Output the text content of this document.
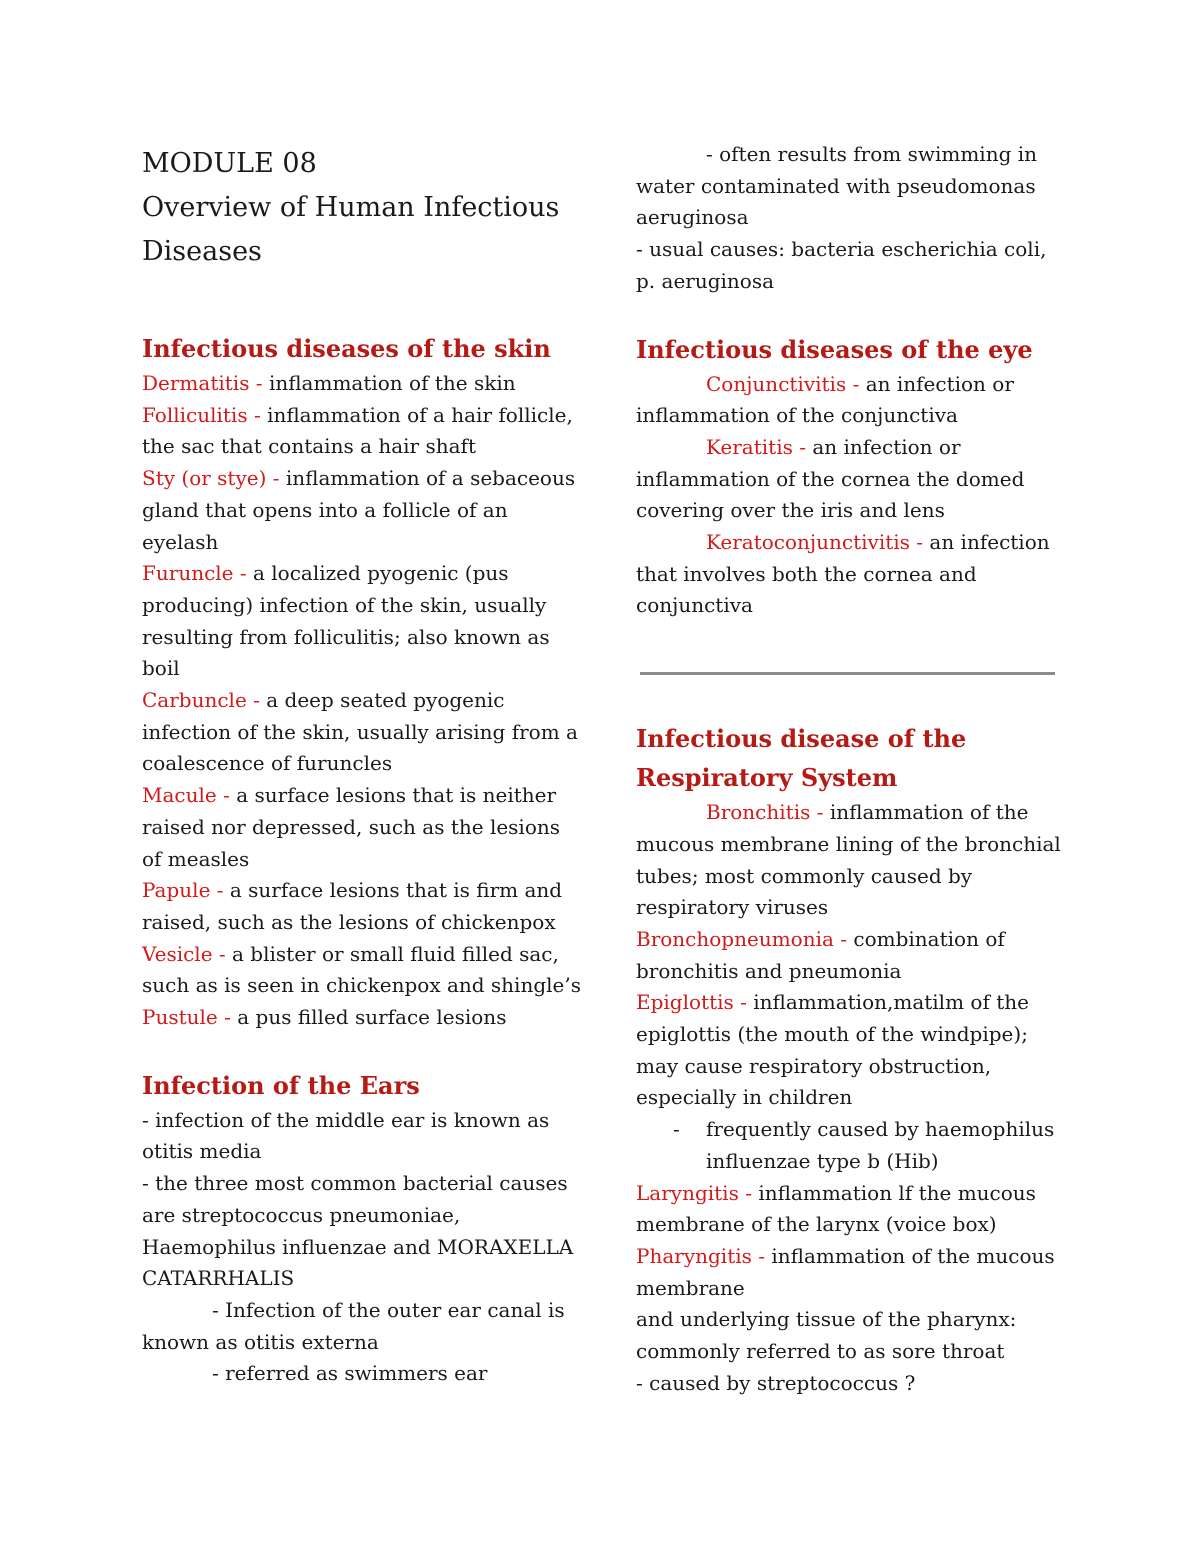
MODULE 08
Overview of Human Infectious
Diseases
Infectious diseases of the skin

Dermatitis - inflammation of the skin

Folliculitis - inflammation of a hair follicle, the sac that contains a hair shaft

Sty (or stye) - inflammation of a sebaceous gland that opens into a follicle of an eyelash

Furuncle - a localized pyogenic (pus producing) infection of the skin, usually resulting from folliculitis; also known as boil

Carbuncle - a deep seated pyogenic infection of the skin, usually arising from a coalescence of furuncles

Macule - a surface lesions that is neither raised nor depressed, such as the lesions of measles

Papule - a surface lesions that is firm and raised, such as the lesions of chickenpox

Vesicle - a blister or small fluid filled sac, such as is seen in chickenpox and shingle’s

Pustule - a pus filled surface lesions

Infection of the Ears

- infection of the middle ear is known as otitis media

- the three most common bacterial causes are streptococcus pneumoniae, Haemophilus influenzae and MORAXELLA CATARRHALIS

- Infection of the outer ear canal is known as otitis externa

- referred as swimmers ear

- often results from swimming in water contaminated with pseudomonas aeruginosa

- usual causes: bacteria escherichia coli, p. aeruginosa

Infectious diseases of the eye

Conjunctivitis - an infection or inflammation of the conjunctiva

Keratitis - an infection or inflammation of the cornea the domed covering over the iris and lens

Keratoconjunctivitis - an infection that involves both the cornea and conjunctiva

Infectious disease of the
Respiratory System

Bronchitis - inflammation of the mucous membrane lining of the bronchial tubes; most commonly caused by respiratory viruses

Bronchopneumonia - combination of bronchitis and pneumonia

Epiglottis - inflammation,matilm of the epiglottis (the mouth of the windpipe); may cause respiratory obstruction, especially in children

-	frequently caused by haemophilus influenzae type b (Hib)

Laryngitis - inflammation lf the mucous membrane of the larynx (voice box)

Pharyngitis - inflammation of the mucous membrane

and underlying tissue of the pharynx: commonly referred to as sore throat

- caused by streptococcus ?
